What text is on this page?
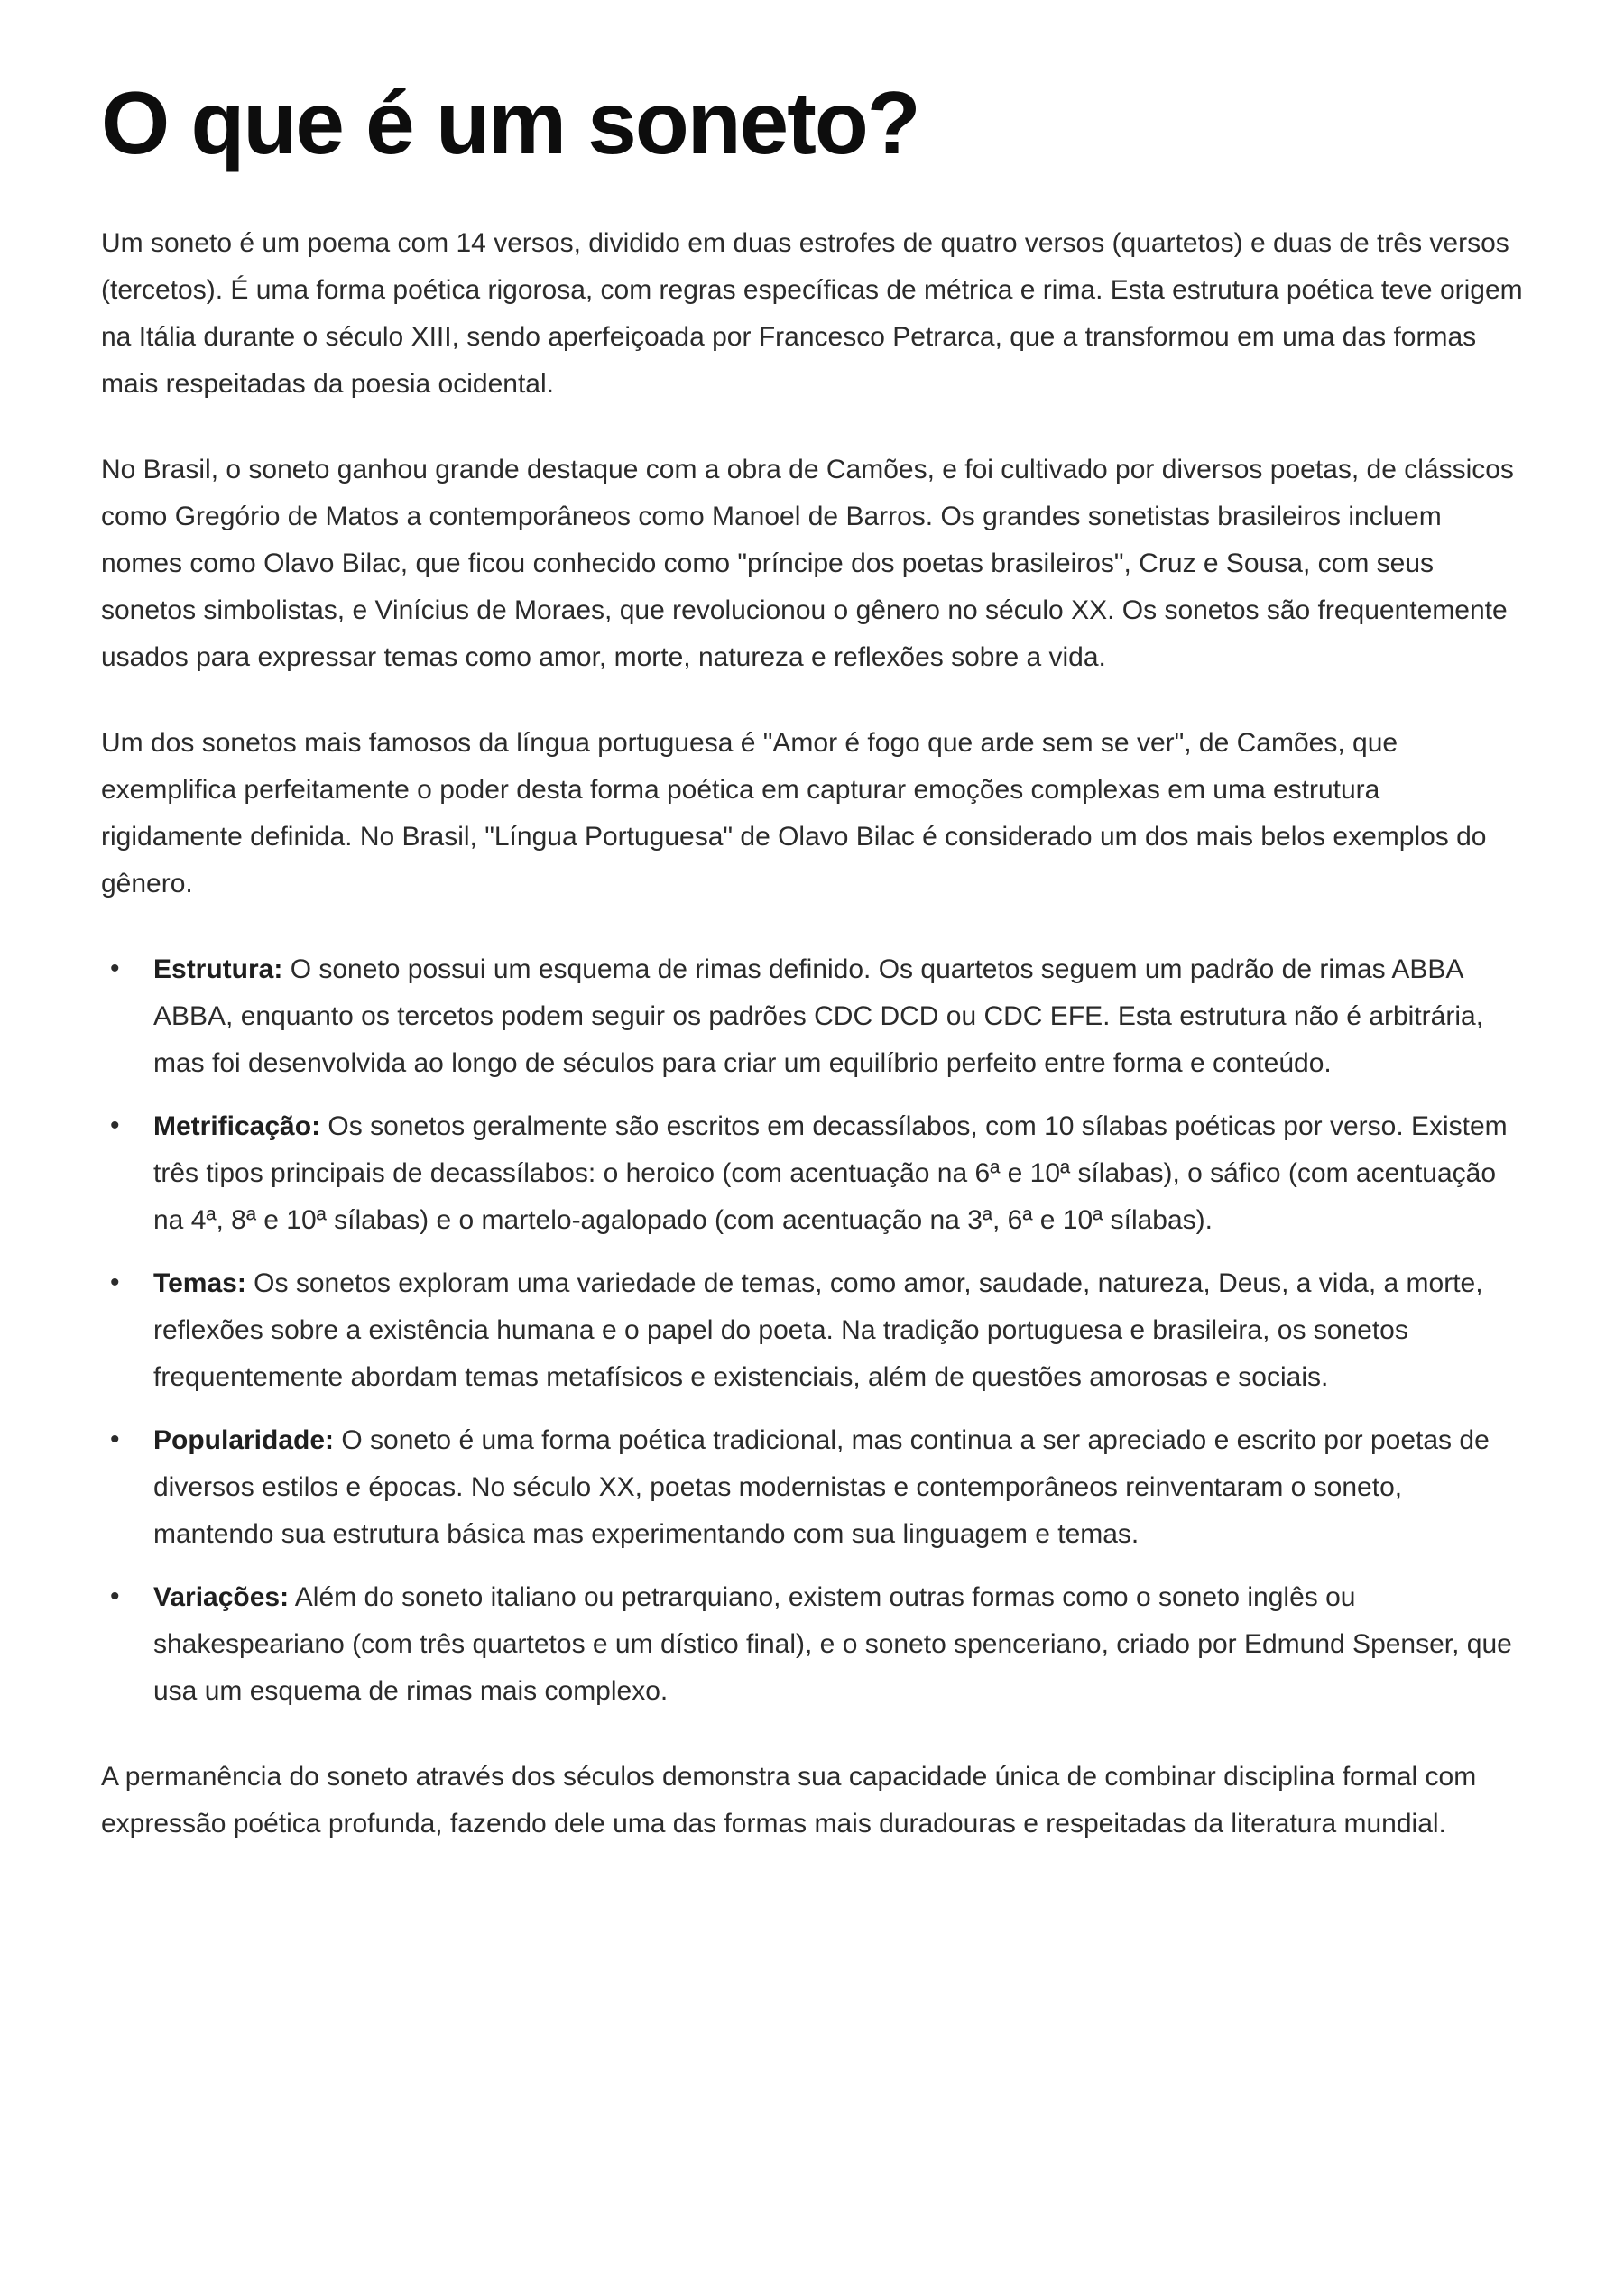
O que é um soneto?

Um soneto é um poema com 14 versos, dividido em duas estrofes de quatro versos (quartetos) e duas de três versos (tercetos). É uma forma poética rigorosa, com regras específicas de métrica e rima. Esta estrutura poética teve origem na Itália durante o século XIII, sendo aperfeiçoada por Francesco Petrarca, que a transformou em uma das formas mais respeitadas da poesia ocidental.

No Brasil, o soneto ganhou grande destaque com a obra de Camões, e foi cultivado por diversos poetas, de clássicos como Gregório de Matos a contemporâneos como Manoel de Barros. Os grandes sonetistas brasileiros incluem nomes como Olavo Bilac, que ficou conhecido como "príncipe dos poetas brasileiros", Cruz e Sousa, com seus sonetos simbolistas, e Vinícius de Moraes, que revolucionou o gênero no século XX. Os sonetos são frequentemente usados para expressar temas como amor, morte, natureza e reflexões sobre a vida.

Um dos sonetos mais famosos da língua portuguesa é "Amor é fogo que arde sem se ver", de Camões, que exemplifica perfeitamente o poder desta forma poética em capturar emoções complexas em uma estrutura rigidamente definida. No Brasil, "Língua Portuguesa" de Olavo Bilac é considerado um dos mais belos exemplos do gênero.

• Estrutura: O soneto possui um esquema de rimas definido. Os quartetos seguem um padrão de rimas ABBA ABBA, enquanto os tercetos podem seguir os padrões CDC DCD ou CDC EFE. Esta estrutura não é arbitrária, mas foi desenvolvida ao longo de séculos para criar um equilíbrio perfeito entre forma e conteúdo.
• Metrificação: Os sonetos geralmente são escritos em decassílabos, com 10 sílabas poéticas por verso. Existem três tipos principais de decassílabos: o heroico (com acentuação na 6ª e 10ª sílabas), o sáfico (com acentuação na 4ª, 8ª e 10ª sílabas) e o martelo-agalopado (com acentuação na 3ª, 6ª e 10ª sílabas).
• Temas: Os sonetos exploram uma variedade de temas, como amor, saudade, natureza, Deus, a vida, a morte, reflexões sobre a existência humana e o papel do poeta. Na tradição portuguesa e brasileira, os sonetos frequentemente abordam temas metafísicos e existenciais, além de questões amorosas e sociais.
• Popularidade: O soneto é uma forma poética tradicional, mas continua a ser apreciado e escrito por poetas de diversos estilos e épocas. No século XX, poetas modernistas e contemporâneos reinventaram o soneto, mantendo sua estrutura básica mas experimentando com sua linguagem e temas.
• Variações: Além do soneto italiano ou petrarquiano, existem outras formas como o soneto inglês ou shakespeariano (com três quartetos e um dístico final), e o soneto spenceriano, criado por Edmund Spenser, que usa um esquema de rimas mais complexo.

A permanência do soneto através dos séculos demonstra sua capacidade única de combinar disciplina formal com expressão poética profunda, fazendo dele uma das formas mais duradouras e respeitadas da literatura mundial.
